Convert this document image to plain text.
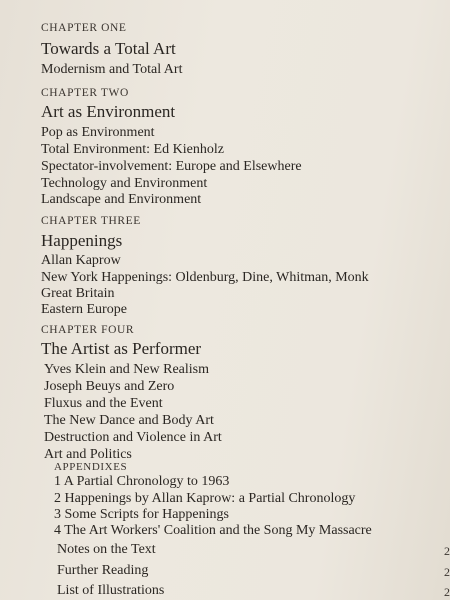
CHAPTER ONE
Towards a Total Art
Modernism and Total Art
CHAPTER TWO
Art as Environment
Pop as Environment
Total Environment: Ed Kienholz
Spectator-involvement: Europe and Elsewhere
Technology and Environment
Landscape and Environment
CHAPTER THREE
Happenings
Allan Kaprow
New York Happenings: Oldenburg, Dine, Whitman, Monk
Great Britain
Eastern Europe
CHAPTER FOUR
The Artist as Performer
Yves Klein and New Realism
Joseph Beuys and Zero
Fluxus and the Event
The New Dance and Body Art
Destruction and Violence in Art
Art and Politics
APPENDIXES
1 A Partial Chronology to 1963
2 Happenings by Allan Kaprow: a Partial Chronology
3 Some Scripts for Happenings
4 The Art Workers' Coalition and the Song My Massacre
Notes on the Text	2
Further Reading	2
List of Illustrations	2
